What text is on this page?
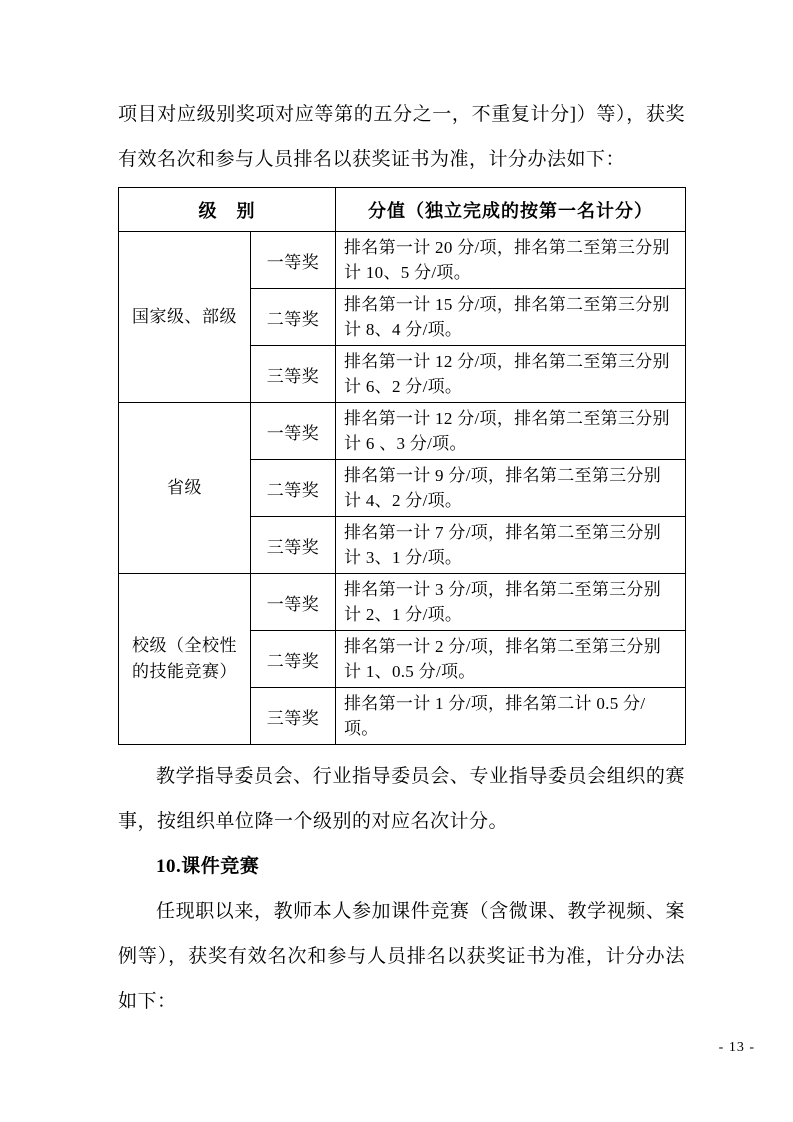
项目对应级别奖项对应等第的五分之一，不重复计分]）等），获奖有效名次和参与人员排名以获奖证书为准，计分办法如下：

级　别		分值（独立完成的按第一名计分）
国家级、部级	一等奖	排名第一计 20 分/项，排名第二至第三分别计 10、5 分/项。
	二等奖	排名第一计 15 分/项，排名第二至第三分别计 8、4 分/项。
	三等奖	排名第一计 12 分/项，排名第二至第三分别计 6、2 分/项。
省级	一等奖	排名第一计 12 分/项，排名第二至第三分别计 6 、3 分/项。
	二等奖	排名第一计 9 分/项，排名第二至第三分别计 4、2 分/项。
	三等奖	排名第一计 7 分/项，排名第二至第三分别计 3、1 分/项。
校级（全校性的技能竞赛）	一等奖	排名第一计 3 分/项，排名第二至第三分别计 2、1 分/项。
	二等奖	排名第一计 2 分/项，排名第二至第三分别计 1、0.5 分/项。
	三等奖	排名第一计 1 分/项，排名第二计 0.5 分/项。

教学指导委员会、行业指导委员会、专业指导委员会组织的赛事，按组织单位降一个级别的对应名次计分。

10.课件竞赛

任现职以来，教师本人参加课件竞赛（含微课、教学视频、案例等），获奖有效名次和参与人员排名以获奖证书为准，计分办法如下：

- 13 -
